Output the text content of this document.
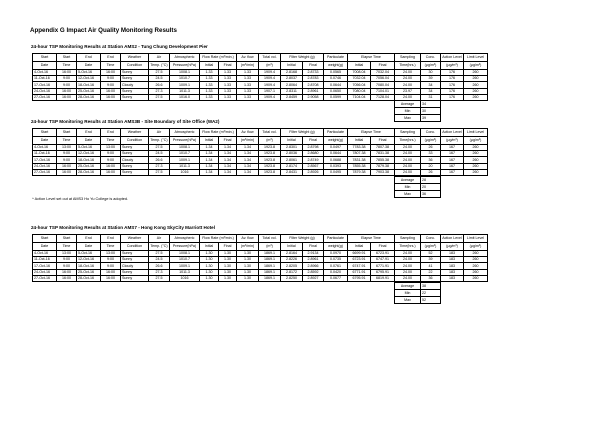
Appendix G Impact Air Quality Monitoring Results
24-hour TSP Monitoring Results at Station AMS2 - Tung Chung Development Pier
Start	Start	End	End	Weather	Air	Atmospheric	Flow Rate (m³/min.)		Av. flow	Total vol.	Filter Weight (g)		Particulate	Elapse Time		Sampling	Conc.	Action Level	Limit Level
Date	Time	Date	Time	Condition	Temp. (°C)	Pressure(hPa)	Initial	Final	(m³/min)	(m³)	Initial	Final	weight(g)	Initial	Final	Time(hrs.)	(μg/m³)	(μg/m³)	(μg/m³)
4-Oct-16	16:00	5-Oct-16	16:00	Sunny	27.5	1008.1	1.33	1.33	1.33	1909.4	2.8168	2.8733	0.0565	7008.04	7032.04	24.00	30	176	260
11-Oct-16	9:00	12-Oct-16	9:00	Sunny	24.5	1010.7	1.33	1.33	1.33	1909.4	2.8037	2.8783	0.0746	7032.04	7056.04	24.00	39	176	260
17-Oct-16	9:00	18-Oct-16	9:00	Cloudy	26.6	1009.1	1.33	1.33	1.33	1909.4	2.8064	2.8708	0.0644	7056.04	7080.04	24.00	34	176	260
24-Oct-16	16:00	25-Oct-16	16:00	Sunny	27.3	1011.3	1.33	1.33	1.33	1907.1	2.8311	2.8961	0.0650	7080.04	7104.01	23.97	34	176	260
27-Oct-16	16:00	28-Oct-16	16:00	Sunny	27.5	1016.0	1.33	1.33	1.33	1909.4	2.8459	2.9058	0.0599	7104.04	7128.04	24.00	31	176	260
Average	34
Min	30
Max	39
24-hour TSP Monitoring Results at Station AMS3B - Site Boundary of Site Office (WA2)
Start	Start	End	End	Weather	Air	Atmospheric	Flow Rate (m³/min.)		Av. flow	Total vol.	Filter Weight (g)		Particulate	Elapse Time		Sampling	Conc.	Action Level	Limit Level
Date	Time	Date	Time	Condition	Temp. (°C)	Pressure(hPa)	Initial	Final	(m³/min)	(m³)	Initial	Final	weight(g)	Initial	Final	Time(hrs.)	(μg/m³)	(μg/m³)	(μg/m³)
4-Oct-16	13:00	5-Oct-16	13:00	Sunny	27.5	1008.1	1.34	1.34	1.34	1923.8	2.8301	2.8798	0.0497	7783.38	7807.38	24.00	26	167	260
11-Oct-16	9:00	12-Oct-16	9:00	Sunny	24.5	1010.7	1.34	1.34	1.34	1923.8	2.8036	2.8680	0.0644	7807.38	7831.38	24.00	33	167	260
17-Oct-16	9:00	18-Oct-16	9:00	Cloudy	26.6	1009.1	1.34	1.34	1.34	1923.8	2.8061	2.8749	0.0688	7831.38	7855.38	24.00	36	167	260
24-Oct-16	16:00	25-Oct-16	16:00	Sunny	27.3	1011.3	1.34	1.34	1.34	1923.8	2.8174	2.8567	0.0393	7855.38	7879.38	24.00	20	167	260
27-Oct-16	16:00	28-Oct-16	16:00	Sunny	27.5	1016	1.34	1.34	1.34	1923.8	2.8431	2.8926	0.0495	7879.38	7903.38	24.00	26	167	260
Average	28
Min	20
Max	36
^ Action Level set out at AMS3 Ho Yu College is adopted.
24-hour TSP Monitoring Results at Station AMS7 - Hong Kong SkyCity Marriott Hotel
Start	Start	End	End	Weather	Air	Atmospheric	Flow Rate (m³/min.)		Av. flow	Total vol.	Filter Weight (g)		Particulate	Elapse Time		Sampling	Conc.	Action Level	Limit Level
Date	Time	Date	Time	Condition	Temp. (°C)	Pressure(hPa)	Initial	Final	(m³/min)	(m³)	Initial	Final	weight(g)	Initial	Final	Time(hrs.)	(μg/m³)	(μg/m³)	(μg/m³)
4-Oct-16	13:00	5-Oct-16	13:00	Sunny	27.5	1008.1	1.30	1.30	1.30	1869.1	2.8164	2.9134	0.0970	6699.91	6723.91	24.00	52	183	260
11-Oct-16	9:00	12-Oct-16	9:00	Sunny	24.5	1010.7	1.30	1.30	1.30	1869.1	2.8226	2.8961	0.0735	6723.91	6747.91	24.00	39	183	260
17-Oct-16	9:00	18-Oct-16	9:00	Cloudy	26.6	1009.1	1.30	1.30	1.30	1869.1	2.8205	2.8966	0.0761	6747.91	6771.91	24.00	41	183	260
24-Oct-16	16:00	25-Oct-16	16:00	Sunny	27.3	1011.3	1.30	1.30	1.30	1869.1	2.8172	2.8592	0.0420	6771.91	6795.91	24.00	22	183	260
27-Oct-16	16:00	28-Oct-16	16:00	Sunny	27.5	1016	1.30	1.30	1.30	1869.1	2.8250	2.8927	0.0677	6795.91	6819.91	24.00	36	183	260
Average	38
Min	22
Max	52
